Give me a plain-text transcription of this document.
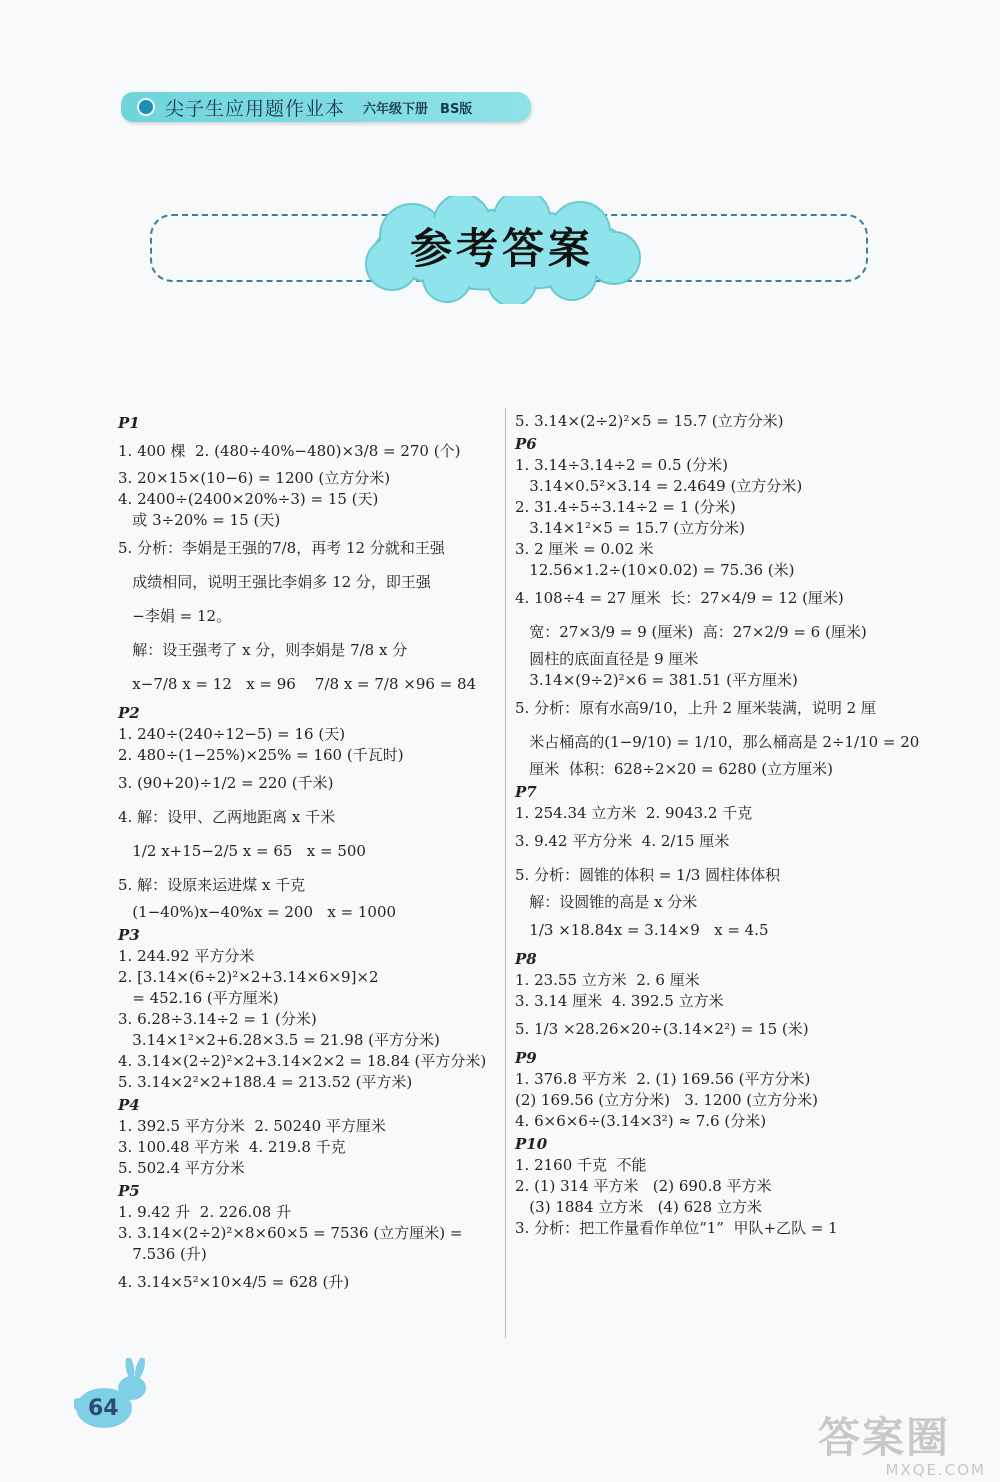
尖子生应用题作业本 六年级下册 BS版
参考答案
P1
1. 400 棵  2. (480÷40%−480)×3/8 = 270 (个)
3. 20×15×(10−6) = 1200 (立方分米)
4. 2400÷(2400×20%÷3) = 15 (天)
或 3÷20% = 15 (天)
5. 分析：李娟是王强的7/8，再考 12 分就和王强
成绩相同，说明王强比李娟多 12 分，即王强
−李娟 = 12。
解：设王强考了 x 分，则李娟是 7/8 x 分
x−7/8 x = 12   x = 96    7/8 x = 7/8 ×96 = 84
P2
1. 240÷(240÷12−5) = 16 (天)
2. 480÷(1−25%)×25% = 160 (千瓦时)
3. (90+20)÷1/2 = 220 (千米)
4. 解：设甲、乙两地距离 x 千米
1/2 x+15−2/5 x = 65   x = 500
5. 解：设原来运进煤 x 千克
(1−40%)x−40%x = 200   x = 1000
P3
1. 244.92 平方分米
2. [3.14×(6÷2)²×2+3.14×6×9]×2
= 452.16 (平方厘米)
3. 6.28÷3.14÷2 = 1 (分米)
3.14×1²×2+6.28×3.5 = 21.98 (平方分米)
4. 3.14×(2÷2)²×2+3.14×2×2 = 18.84 (平方分米)
5. 3.14×2²×2+188.4 = 213.52 (平方米)
P4
1. 392.5 平方分米  2. 50240 平方厘米
3. 100.48 平方米  4. 219.8 千克
5. 502.4 平方分米
P5
1. 9.42 升  2. 226.08 升
3. 3.14×(2÷2)²×8×60×5 = 7536 (立方厘米) =
7.536 (升)
4. 3.14×5²×10×4/5 = 628 (升)
5. 3.14×(2÷2)²×5 = 15.7 (立方分米)
P6
1. 3.14÷3.14÷2 = 0.5 (分米)
3.14×0.5²×3.14 = 2.4649 (立方分米)
2. 31.4÷5÷3.14÷2 = 1 (分米)
3.14×1²×5 = 15.7 (立方分米)
3. 2 厘米 = 0.02 米
12.56×1.2÷(10×0.02) = 75.36 (米)
4. 108÷4 = 27 厘米  长：27×4/9 = 12 (厘米)
宽：27×3/9 = 9 (厘米)  高：27×2/9 = 6 (厘米)
圆柱的底面直径是 9 厘米
3.14×(9÷2)²×6 = 381.51 (平方厘米)
5. 分析：原有水高9/10，上升 2 厘米装满，说明 2 厘
米占桶高的(1−9/10) = 1/10，那么桶高是 2÷1/10 = 20
厘米  体积：628÷2×20 = 6280 (立方厘米)
P7
1. 254.34 立方米  2. 9043.2 千克
3. 9.42 平方分米  4. 2/15 厘米
5. 分析：圆锥的体积 = 1/3 圆柱体体积
解：设圆锥的高是 x 分米
1/3 ×18.84x = 3.14×9   x = 4.5
P8
1. 23.55 立方米  2. 6 厘米
3. 3.14 厘米  4. 392.5 立方米
5. 1/3 ×28.26×20÷(3.14×2²) = 15 (米)
P9
1. 376.8 平方米  2. (1) 169.56 (平方分米)
(2) 169.56 (立方分米)   3. 1200 (立方分米)
4. 6×6×6÷(3.14×3²) ≈ 7.6 (分米)
P10
1. 2160 千克  不能
2. (1) 314 平方米   (2) 690.8 平方米
(3) 1884 立方米   (4) 628 立方米
3. 分析：把工作量看作单位“1”  甲队+乙队 = 1
64
答案圈
MXQE.COM
